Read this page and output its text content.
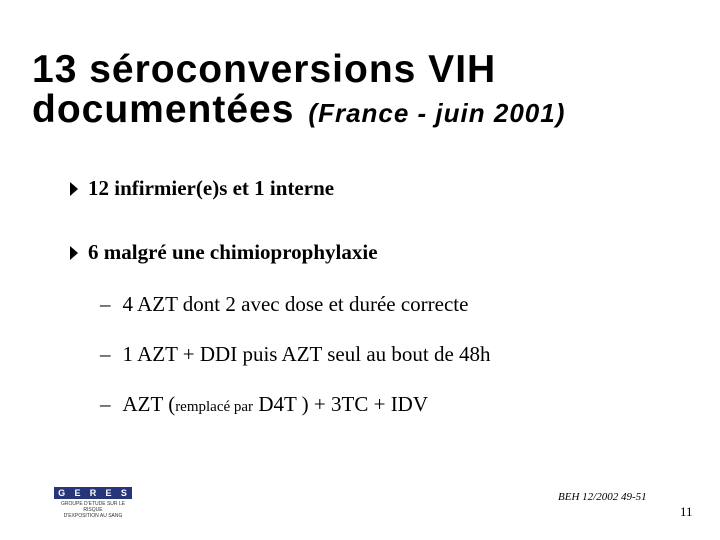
13 séroconversions VIH
documentées (France - juin 2001)
12 infirmier(e)s et 1 interne
6 malgré une chimioprophylaxie
– 4 AZT dont 2 avec dose et durée correcte
– 1 AZT + DDI puis AZT seul au bout de 48h
– AZT (remplacé par D4T ) + 3TC + IDV
G E R E S
GROUPE D'ETUDE SUR LE RISQUE
D'EXPOSITION AU SANG
BEH 12/2002 49-51
11
